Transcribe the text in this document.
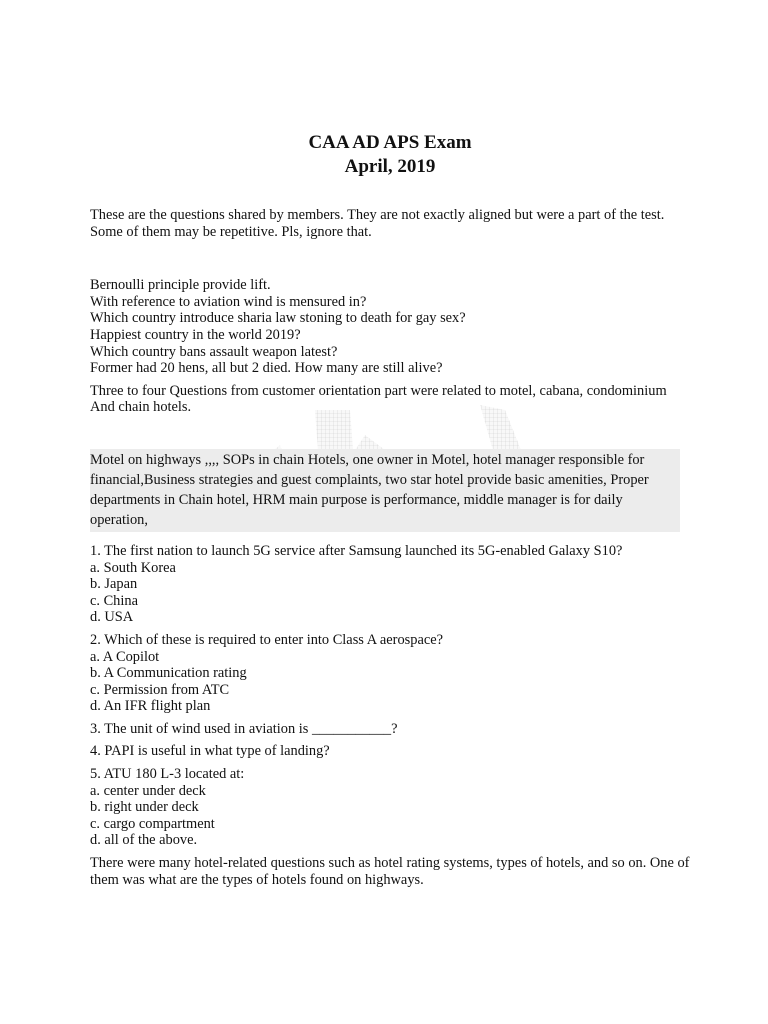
CAA AD APS Exam
April, 2019
These are the questions shared by members. They are not exactly aligned but were a part of the test. Some of them may be repetitive. Pls, ignore that.
Bernoulli principle provide lift.
With reference to aviation wind is mensured in?
Which country introduce sharia law stoning to death for gay sex?
Happiest country in the world 2019?
Which country bans assault weapon latest?
Former had 20 hens, all but 2 died. How many are still alive?
Three to four Questions from customer orientation part were related to motel, cabana, condominium And chain hotels.
Motel on highways ,,,, SOPs in chain Hotels, one owner in Motel, hotel manager responsible for financial,Business strategies and guest complaints, two star hotel provide basic amenities, Proper departments in Chain hotel, HRM main purpose is performance, middle manager is for daily operation,
1. The first nation to launch 5G service after Samsung launched its 5G-enabled Galaxy S10?
a. South Korea
b. Japan
c. China
d. USA
2. Which of these is required to enter into Class A aerospace?
a. A Copilot
b. A Communication rating
c. Permission from ATC
d. An IFR flight plan
3. The unit of wind used in aviation is ___________?
4. PAPI is useful in what type of landing?
5. ATU 180 L-3 located at:
a. center under deck
b. right under deck
c. cargo compartment
d. all of the above.
There were many hotel-related questions such as hotel rating systems, types of hotels, and so on. One of them was what are the types of hotels found on highways.
